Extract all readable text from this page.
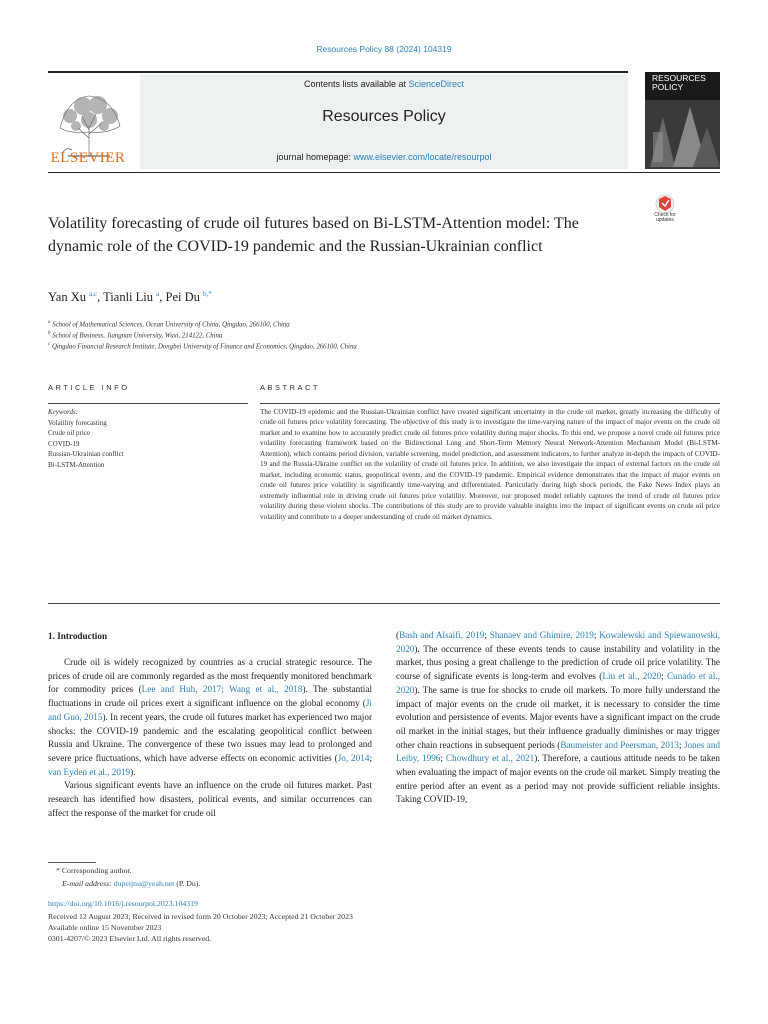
Resources Policy 88 (2024) 104319
ELSEVIER
Contents lists available at ScienceDirect
Resources Policy
journal homepage: www.elsevier.com/locate/resourpol
RESOURCES POLICY
Check for updates
Volatility forecasting of crude oil futures based on Bi-LSTM-Attention model: The dynamic role of the COVID-19 pandemic and the Russian-Ukrainian conflict
Yan Xu $^{a,c}$, Tianli Liu $^a$, Pei Du $^{b,*}$
$^a$ School of Mathematical Sciences, Ocean University of China, Qingdao, 266100, China
$^b$ School of Business, Jiangnan University, Wuxi, 214122, China
$^c$ Qingdao Financial Research Institute, Dongbei University of Finance and Economics, Qingdao, 266100, China
ARTICLE INFO	ABSTRACT
Keywords:
Volatility forecasting
Crude oil price
COVID-19
Russian-Ukrainian conflict
Bi-LSTM-Attention
The COVID-19 epidemic and the Russian-Ukrainian conflict have created significant uncertainty in the crude oil market, greatly increasing the difficulty of crude oil futures price volatility forecasting. The objective of this study is to investigate the time-varying nature of the impact of major events on the crude oil market and to examine how to accurately predict crude oil futures price volatility during major shocks. To this end, we propose a novel crude oil futures price volatility forecasting framework based on the Bidirectional Long and Short-Term Memory Neural Network-Attention Mechanism Model (Bi-LSTM-Attention), which contains period division, variable screening, model prediction, and assessment indicators, to further analyze in-depth the impacts of COVID-19 and the Russia-Ukraine conflict on the volatility of crude oil futures price. In addition, we also investigate the impact of external factors on the crude oil market, including economic status, geopolitical events, and the COVID-19 pandemic. Empirical evidence demonstrates that the impact of major events on crude oil futures price volatility is significantly time-varying and differentiated. Particularly during high shock periods, the Fake News Index plays an extremely influential role in driving crude oil futures price volatility. Moreover, our proposed model reliably captures the trend of crude oil futures price volatility during these violent shocks. The contributions of this study are to provide valuable insights into the impact of significant events on crude oil price volatility and contribute to a deeper understanding of crude oil market dynamics.
1. Introduction

Crude oil is widely recognized by countries as a crucial strategic resource. The prices of crude oil are commonly regarded as the most frequently monitored benchmark for commodity prices (Lee and Huh, 2017; Wang et al., 2018). The substantial fluctuations in crude oil prices exert a significant influence on the global economy (Ji and Guo, 2015). In recent years, the crude oil futures market has experienced two major shocks: the COVID-19 pandemic and the escalating geopolitical conflict between Russia and Ukraine. The convergence of these two issues may lead to prolonged and severe price fluctuations, which have adverse effects on economic activities (Jo, 2014; van Eyden et al., 2019).

Various significant events have an influence on the crude oil futures market. Past research has identified how disasters, political events, and similar occurrences can affect the response of the market for crude oil

(Bash and Alsaifi, 2019; Shanaev and Ghimire, 2019; Kowalewski and Spiewanowski, 2020). The occurrence of these events tends to cause instability and volatility in the market, thus posing a great challenge to the prediction of crude oil price volatility. The course of significate events is long-term and evolves (Liu et al., 2020; Cunado et al., 2020). The same is true for shocks to crude oil markets. To more fully understand the impact of major events on the crude oil market, it is necessary to consider the time evolution and persistence of events. Major events have a significant impact on the crude oil market in the initial stages, but their influence gradually diminishes or may trigger other chain reactions in subsequent periods (Baumeister and Peersman, 2013; Jones and Leiby, 1996; Chowdhury et al., 2021). Therefore, a cautious attitude needs to be taken when evaluating the impact of major events on the crude oil market. Simply treating the entire period after an event as a period may not provide sufficient reliable insights. Taking COVID-19,

* Corresponding author.
E-mail address: dupeijnu@yeah.net (P. Du).
https://doi.org/10.1016/j.resourpol.2023.104319
Received 12 August 2023; Received in revised form 20 October 2023; Accepted 21 October 2023
Available online 15 November 2023
0301-4207/© 2023 Elsevier Ltd. All rights reserved.
